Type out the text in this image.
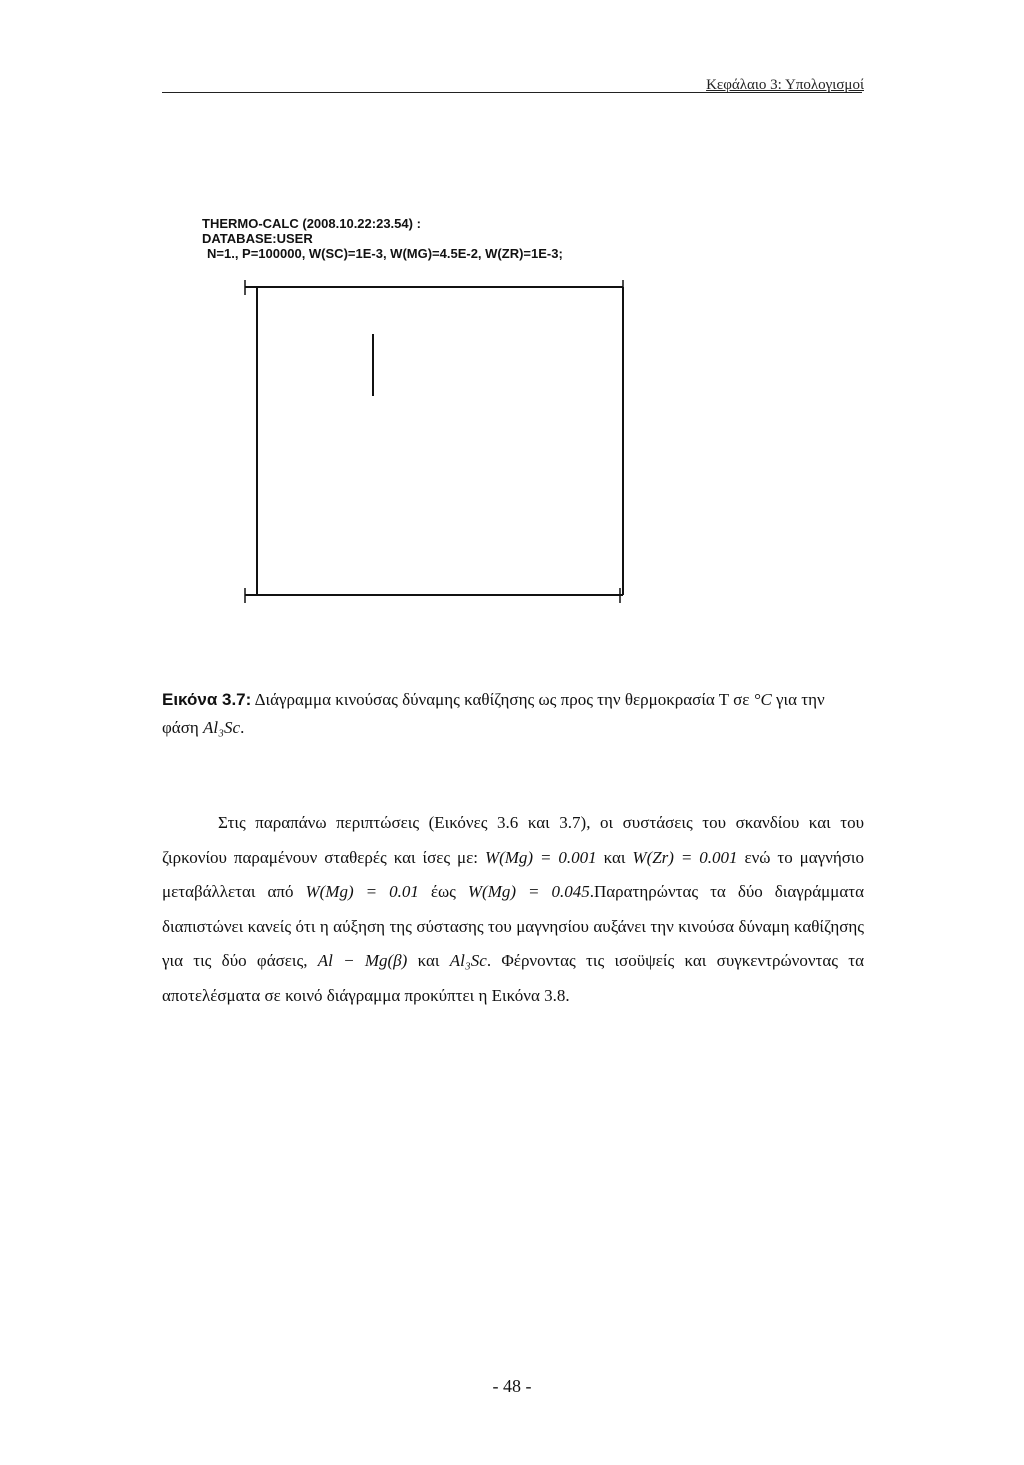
Κεφάλαιο 3: Υπολογισμοί
THERMO-CALC (2008.10.22:23.54) :
DATABASE:USER
N=1., P=100000, W(SC)=1E-3, W(MG)=4.5E-2, W(ZR)=1E-3;
Εικόνα 3.7: Διάγραμμα κινούσας δύναμης καθίζησης ως προς την θερμοκρασία Τ σε °C για την φάση Al₃Sc.

Στις παραπάνω περιπτώσεις (Εικόνες 3.6 και 3.7), οι συστάσεις του σκανδίου και του ζιρκονίου παραμένουν σταθερές και ίσες με: W(Mg) = 0.001 και W(Zr) = 0.001 ενώ το μαγνήσιο μεταβάλλεται από W(Mg) = 0.01 έως W(Mg) = 0.045.Παρατηρώντας τα δύο διαγράμματα διαπιστώνει κανείς ότι η αύξηση της σύστασης του μαγνησίου αυξάνει την κινούσα δύναμη καθίζησης για τις δύο φάσεις, Al − Mg(β) και Al₃Sc. Φέρνοντας τις ισοϋψείς και συγκεντρώνοντας τα αποτελέσματα σε κοινό διάγραμμα προκύπτει η Εικόνα 3.8.

- 48 -
